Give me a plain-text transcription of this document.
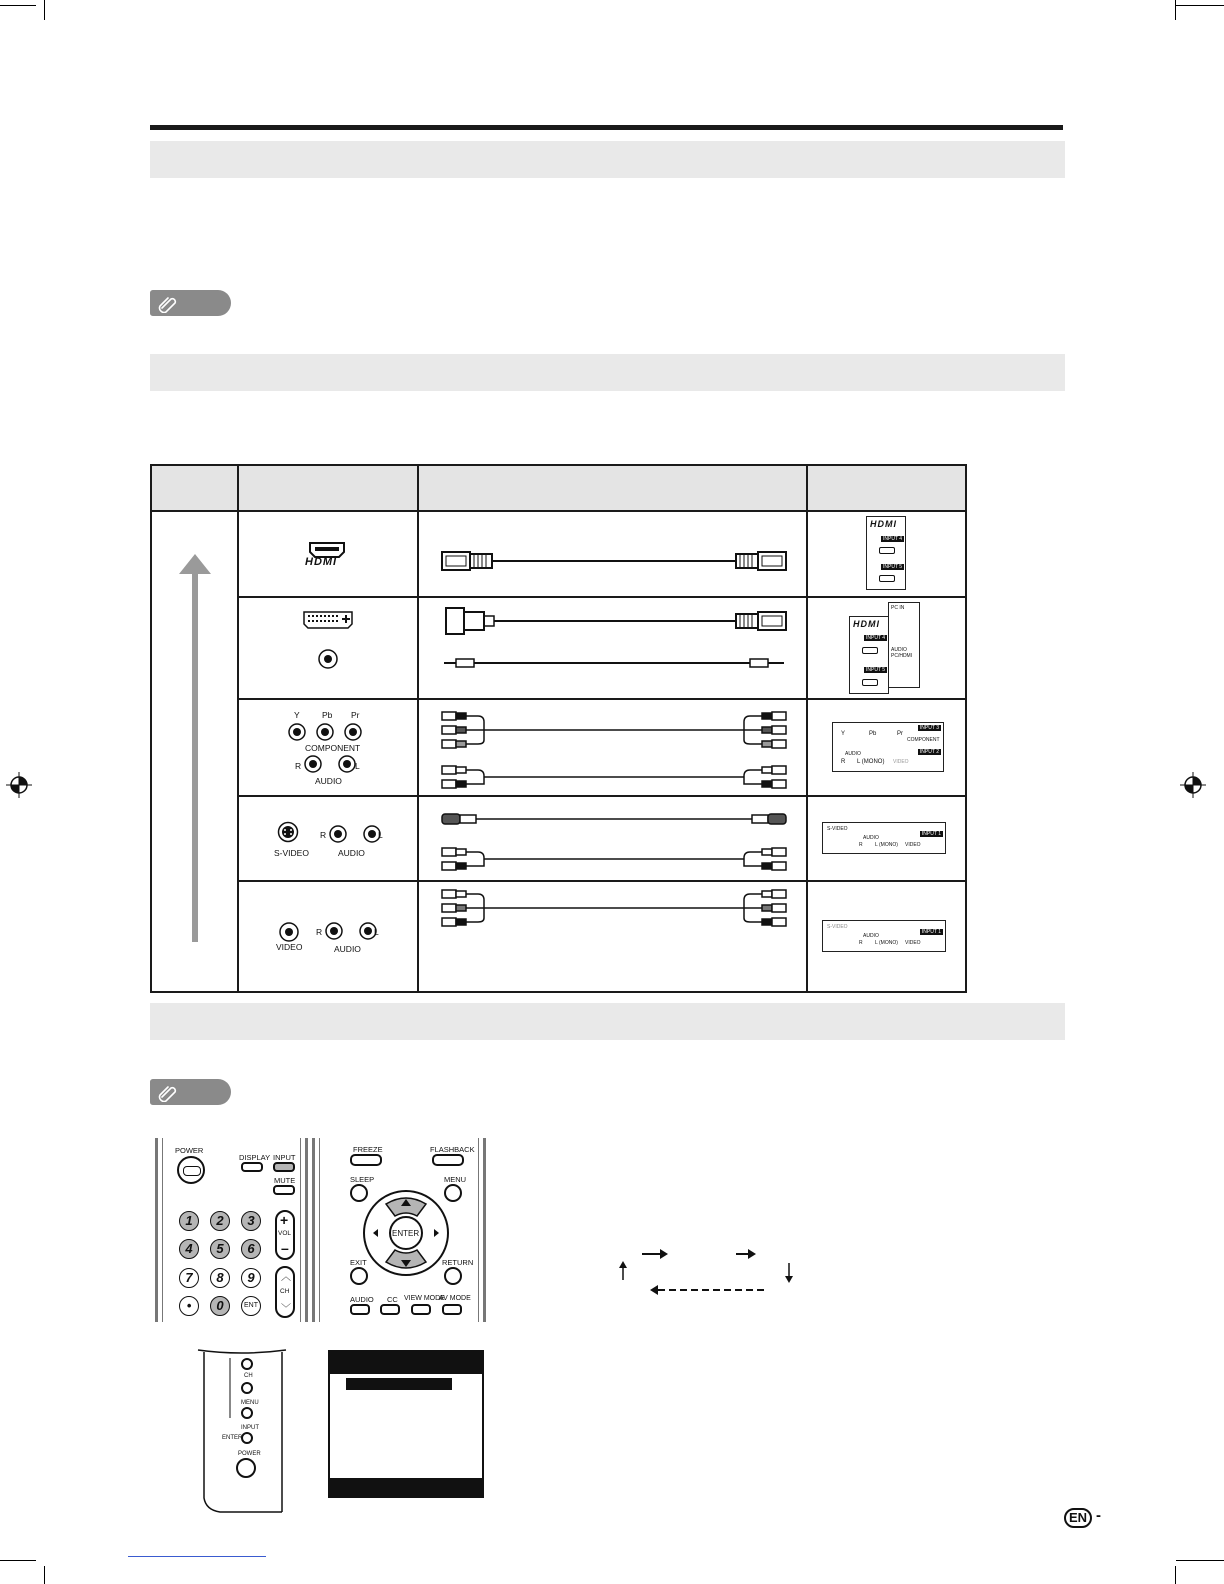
HDMI
HDMI
INPUT 4
INPUT 5
PC IN
AUDIO PC/HDMI
HDMI
INPUT 4
INPUT 5
Y	Pb Pr
COMPONENT
R	L
AUDIO
INPUT 3
Y	Pb	Pr
COMPONENT
INPUT 2
AUDIO
R L (MONO) VIDEO
R	L
S-VIDEO	AUDIO
S-VIDEO
INPUT 1
AUDIO
R L (MONO) VIDEO
R	L
VIDEO	AUDIO
S-VIDEO
INPUT 1
AUDIO
R L (MONO) VIDEO
POWER
DISPLAY INPUT
MUTE
1	2	3
4	5	6
7	8	9
•	0	ENT
+
VOL
–
︿
CH
﹀
FREEZE	FLASHBACK
SLEEP	MENU
ENTER
EXIT	RETURN
AUDIO CC VIEW MODE
AV MODE
CH
MENU
INPUT
ENTER
POWER
EN -
